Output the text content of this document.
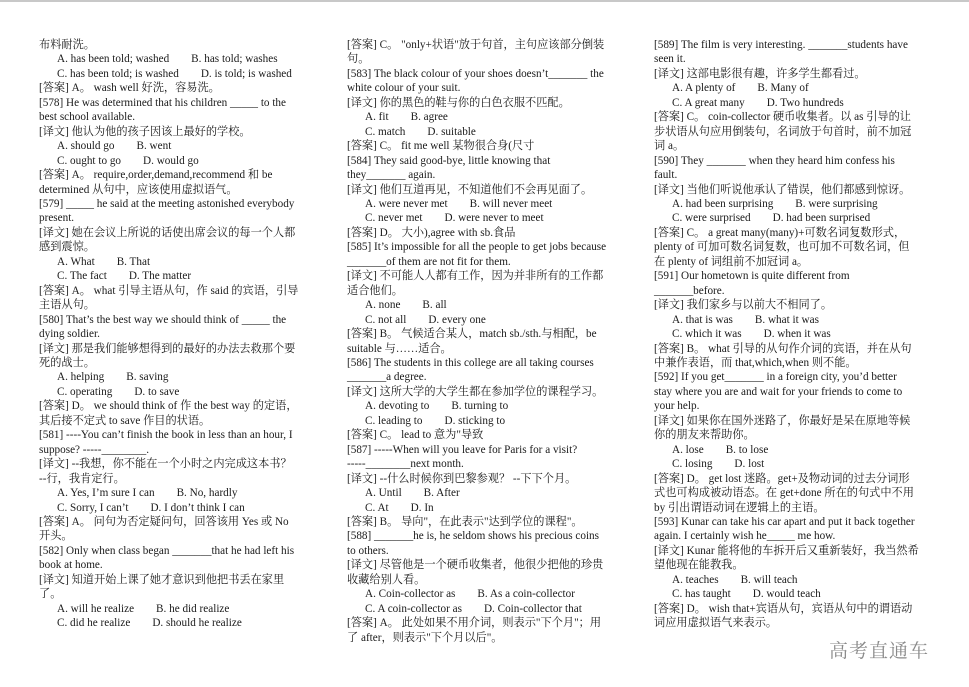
布料耐洗。
A. has been told; washed B. has told; washes
C. has been told; is washed D. is told; is washed
[答案] A。 wash well 好洗，容易洗。
[578] He was determined that his children _____ to the
best school available.
[译文] 他认为他的孩子因该上最好的学校。
A. should go B. went
C. ought to go D. would go
[答案] A。 require,order,demand,recommend 和 be
determined 从句中，应该使用虚拟语气。
[579] _____ he said at the meeting astonished everybody
present.
[译文] 她在会议上所说的话使出席会议的每一个人都
感到震惊。
A. What B. That
C. The fact D. The matter
[答案] A。 what 引导主语从句，作 said 的宾语，引导
主语从句。
[580] That’s the best way we should think of _____ the
dying soldier.
[译文] 那是我们能够想得到的最好的办法去救那个要
死的战士。
A. helping B. saving
C. operating D. to save
[答案] D。 we should think of 作 the best way 的定语，
其后接不定式 to save 作目的状语。
[581] ----You can’t finish the book in less than an hour, I
suppose? -----________.
[译文] --我想，你不能在一个小时之内完成这本书？
--行，我肯定行。
A. Yes, I’m sure I can B. No, hardly
C. Sorry, I can’t D. I don’t think I can
[答案] A。 问句为否定疑问句，回答该用 Yes 或 No
开头。
[582] Only when class began _______that he had left his
book at home.
[译文] 知道开始上课了她才意识到他把书丢在家里
了。
A. will he realize B. he did realize
C. did he realize D. should he realize
[答案] C。 "only+状语"放于句首，主句应该部分倒装
句。
[583] The black colour of your shoes doesn’t_______ the
white colour of your suit.
[译文] 你的黑色的鞋与你的白色衣服不匹配。
A. fit B. agree
C. match D. suitable
[答案] C。 fit me well 某物很合身(尺寸
[584] They said good-bye, little knowing that
they_______ again.
[译文] 他们互道再见，不知道他们不会再见面了。
A. were never met B. will never meet
C. never met D. were never to meet
[答案] D。 大小),agree with sb.食品
[585] It’s impossible for all the people to get jobs because
_______of them are not fit for them.
[译文] 不可能人人都有工作，因为并非所有的工作都
适合他们。
A. none B. all
C. not all D. every one
[答案] B。 气候适合某人，match sb./sth.与相配，be
suitable 与……适合。
[586] The students in this college are all taking courses
_______a degree.
[译文] 这所大学的大学生都在参加学位的课程学习。
A. devoting to B. turning to
C. leading to D. sticking to
[答案] C。 lead to 意为"导致
[587] -----When will you leave for Paris for a visit?
-----________next month.
[译文] --什么时候你到巴黎参观？ --下下个月。
A. Until B. After
C. At D. In
[答案] B。 导向"，在此表示"达到学位的课程"。
[588] _______he is, he seldom shows his precious coins
to others.
[译文] 尽管他是一个硬币收集者，他很少把他的珍贵
收藏给别人看。
A. Coin-collector as B. As a coin-collector
C. A coin-collector as D. Coin-collector that
[答案] A。 此处如果不用介词，则表示"下个月"；用
了 after，则表示"下个月以后"。
[589] The film is very interesting. _______students have
seen it.
[译文] 这部电影很有趣，许多学生都看过。
A. A plenty of B. Many of
C. A great many D. Two hundreds
[答案] C。 coin-collector 硬币收集者。以 as 引导的让
步状语从句应用倒装句，名词放于句首时，前不加冠
词 a。
[590] They _______ when they heard him confess his
fault.
[译文] 当他们听说他承认了错误，他们都感到惊讶。
A. had been surprising B. were surprising
C. were surprised D. had been surprised
[答案] C。 a great many(many)+可数名词复数形式，
plenty of 可加可数名词复数，也可加不可数名词，但
在 plenty of 词组前不加冠词 a。
[591] Our hometown is quite different from
_______before.
[译文] 我们家乡与以前大不相同了。
A. that is was B. what it was
C. which it was D. when it was
[答案] B。 what 引导的从句作介词的宾语，并在从句
中兼作表语，而 that,which,when 则不能。
[592] If you get_______ in a foreign city, you’d better
stay where you are and wait for your friends to come to
your help.
[译文] 如果你在国外迷路了，你最好是呆在原地等候
你的朋友来帮助你。
A. lose B. to lose
C. losing D. lost
[答案] D。 get lost 迷路。get+及物动词的过去分词形
式也可构成被动语态。在 get+done 所在的句式中不用
by 引出谓语动词在逻辑上的主语。
[593] Kunar can take his car apart and put it back together
again. I certainly wish he_____ me how.
[译文] Kunar 能将他的车拆开后又重新装好，我当然希
望他现在能教我。
A. teaches B. will teach
C. has taught D. would teach
[答案] D。 wish that+宾语从句，宾语从句中的谓语动
词应用虚拟语气来表示。
高考直通车
